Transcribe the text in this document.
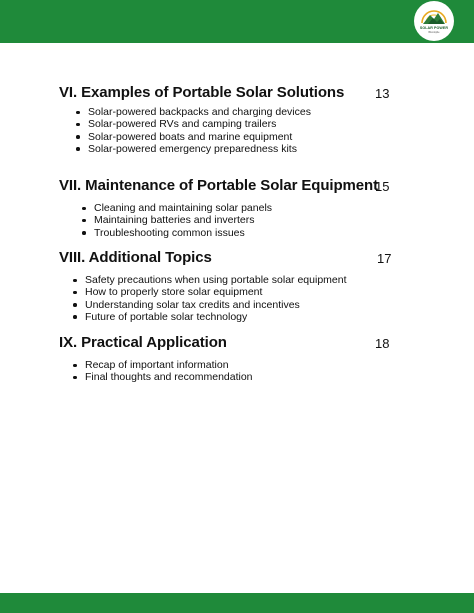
SOLAR POWER
Bitcoinpile
VI. Examples of Portable Solar Solutions 13
Solar-powered backpacks and charging devices
Solar-powered RVs and camping trailers
Solar-powered boats and marine equipment
Solar-powered emergency preparedness kits
VII. Maintenance of Portable Solar Equipment
15
Cleaning and maintaining solar panels
Maintaining batteries and inverters
Troubleshooting common issues
VIII. Additional Topics	17
Safety precautions when using portable solar equipment
How to properly store solar equipment
Understanding solar tax credits and incentives
Future of portable solar technology
IX. Practical Application	18
Recap of important information
Final thoughts and recommendation
